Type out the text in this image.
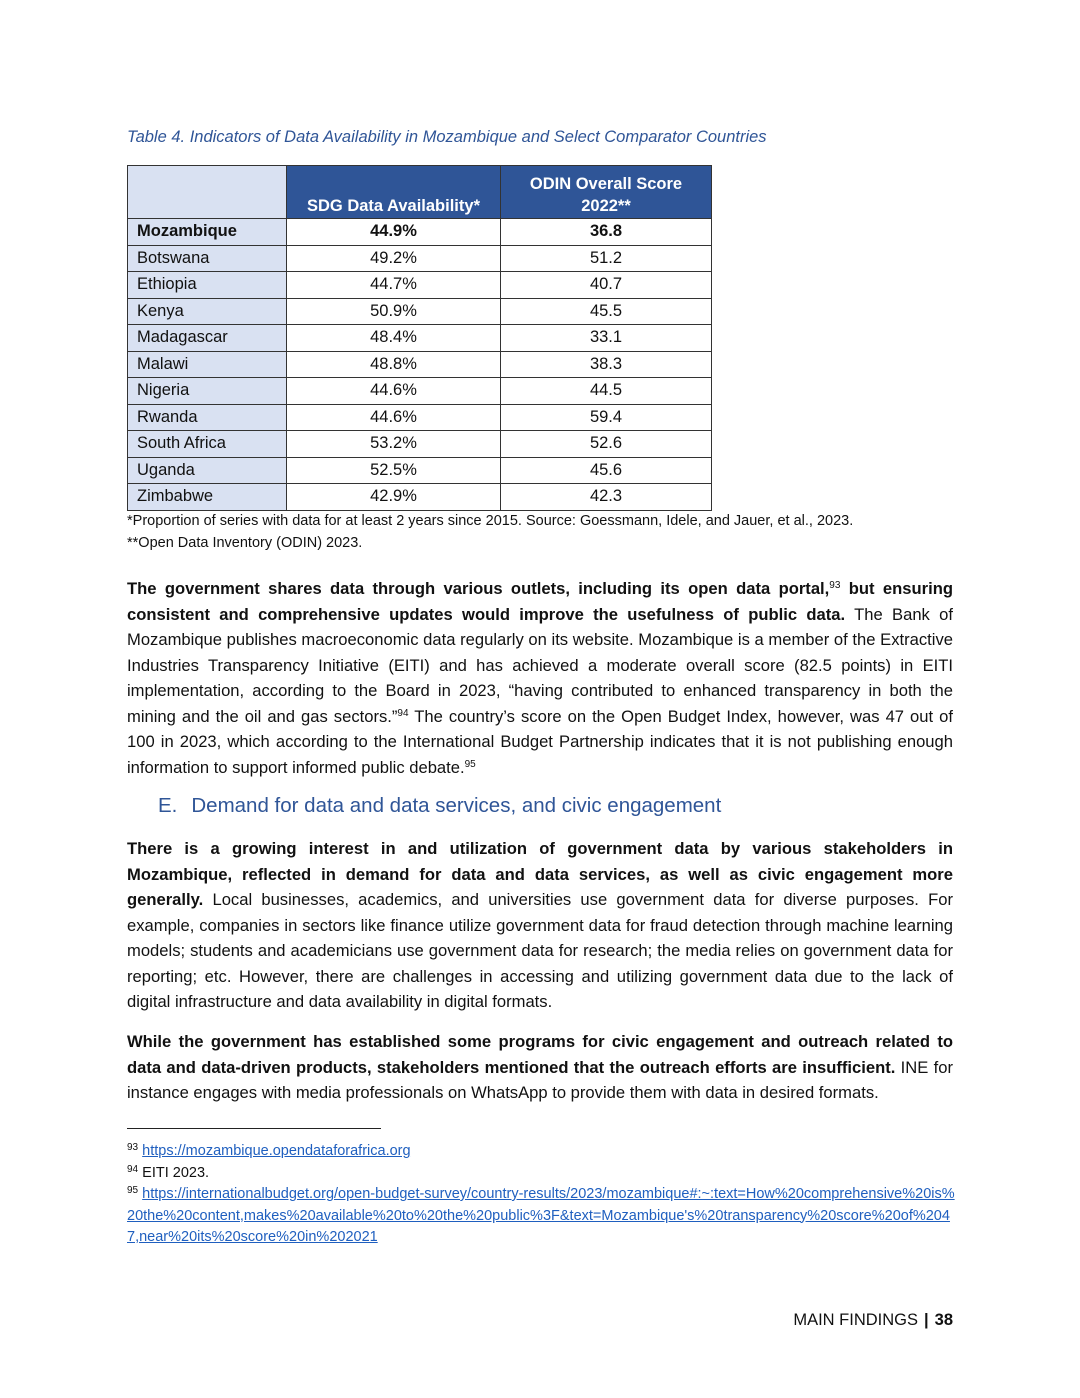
Table 4. Indicators of Data Availability in Mozambique and Select Comparator Countries
	SDG Data Availability*	ODIN Overall Score
2022**
Mozambique	44.9%	36.8
Botswana	49.2%	51.2
Ethiopia	44.7%	40.7
Kenya	50.9%	45.5
Madagascar	48.4%	33.1
Malawi	48.8%	38.3
Nigeria	44.6%	44.5
Rwanda	44.6%	59.4
South Africa	53.2%	52.6
Uganda	52.5%	45.6
Zimbabwe	42.9%	42.3
*Proportion of series with data for at least 2 years since 2015. Source: Goessmann, Idele, and Jauer, et al., 2023.
**Open Data Inventory (ODIN) 2023.

The government shares data through various outlets, including its open data portal,$^{93}$ but ensuring consistent and comprehensive updates would improve the usefulness of public data. The Bank of Mozambique publishes macroeconomic data regularly on its website. Mozambique is a member of the Extractive Industries Transparency Initiative (EITI) and has achieved a moderate overall score (82.5 points) in EITI implementation, according to the Board in 2023, “having contributed to enhanced transparency in both the mining and the oil and gas sectors.”$^{94}$ The country’s score on the Open Budget Index, however, was 47 out of 100 in 2023, which according to the International Budget Partnership indicates that it is not publishing enough information to support informed public debate.$^{95}$

E. Demand for data and data services, and civic engagement

There is a growing interest in and utilization of government data by various stakeholders in Mozambique, reflected in demand for data and data services, as well as civic engagement more generally. Local businesses, academics, and universities use government data for diverse purposes. For example, companies in sectors like finance utilize government data for fraud detection through machine learning models; students and academicians use government data for research; the media relies on government data for reporting; etc. However, there are challenges in accessing and utilizing government data due to the lack of digital infrastructure and data availability in digital formats.

While the government has established some programs for civic engagement and outreach related to data and data-driven products, stakeholders mentioned that the outreach efforts are insufficient. INE for instance engages with media professionals on WhatsApp to provide them with data in desired formats.

$^{93}$ https://mozambique.opendataforafrica.org
$^{94}$ EITI 2023.
$^{95}$ https://internationalbudget.org/open-budget-survey/country-results/2023/mozambique#:~:text=How%20comprehensive%20is%20the%20content,makes%20available%20to%20the%20public%3F&text=Mozambique's%20transparency%20score%20of%2047,near%20its%20score%20in%202021
MAIN FINDINGS | 38
